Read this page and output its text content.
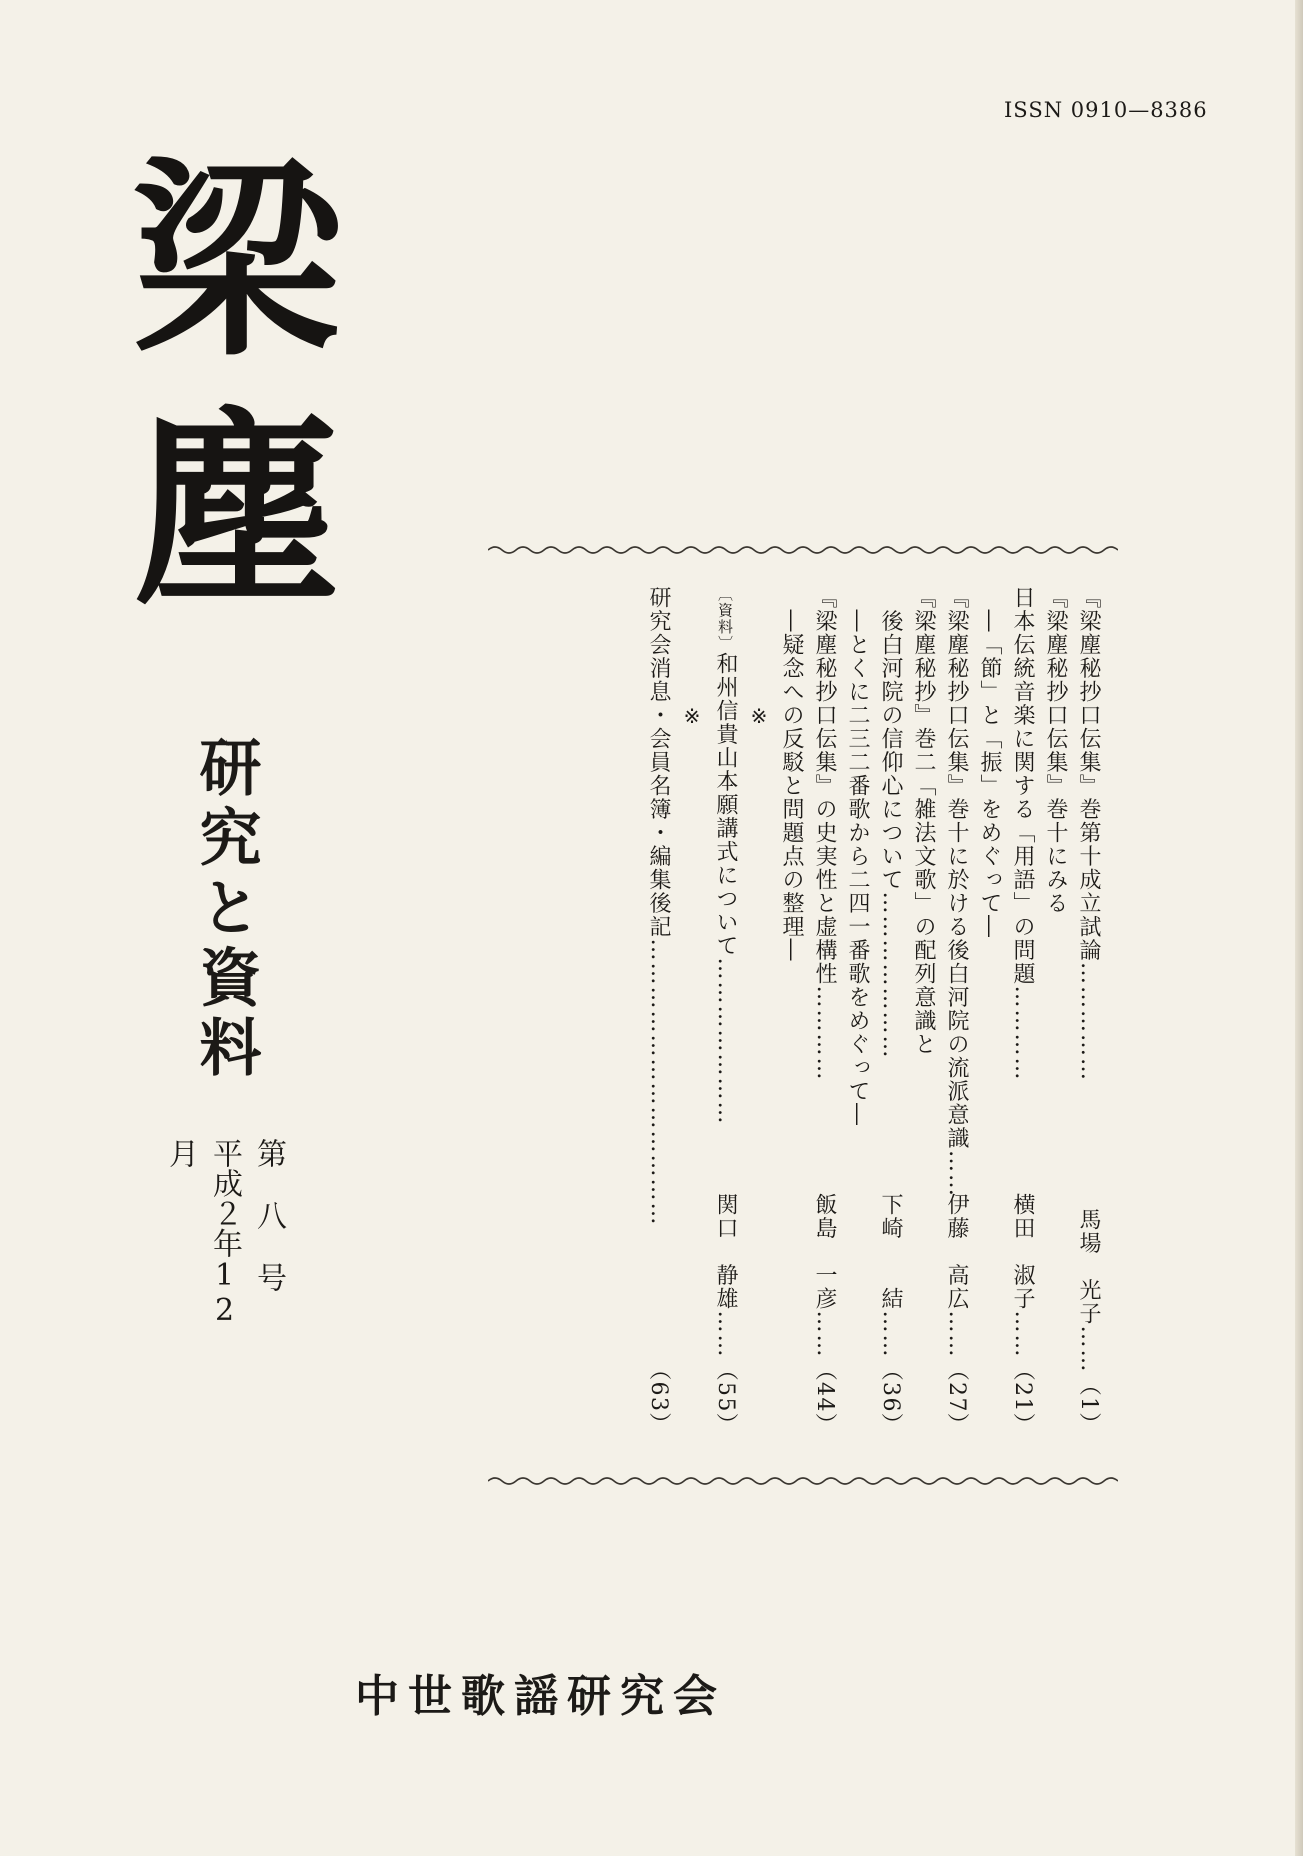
ISSN 0910—8386
梁塵
研究と資料
第八号
平成２年12月
『梁塵秘抄口伝集』巻第十成立試論……………
馬場　光子……（1）
『梁塵秘抄口伝集』巻十にみる
日本伝統音楽に関する「用語」の問題…………
横田　淑子……（21）
　―「節」と「振」をめぐって―
『梁塵秘抄口伝集』巻十に於ける後白河院の流派意識……
伊藤　高広……（27）
『梁塵秘抄』巻二「雑法文歌」の配列意識と
　後白河院の信仰心について…………………
下崎　　結……（36）
　―とくに二三二番歌から二四一番歌をめぐって―
『梁塵秘抄口伝集』の史実性と虚構性…………
飯島　一彦……（44）
　―疑念への反駁と問題点の整理―
※
〔資料〕和州信貴山本願講式について…………………
関口　静雄……（55）
※
研究会消息・会員名簿・編集後記………………………………
（63）
中世歌謡研究会
